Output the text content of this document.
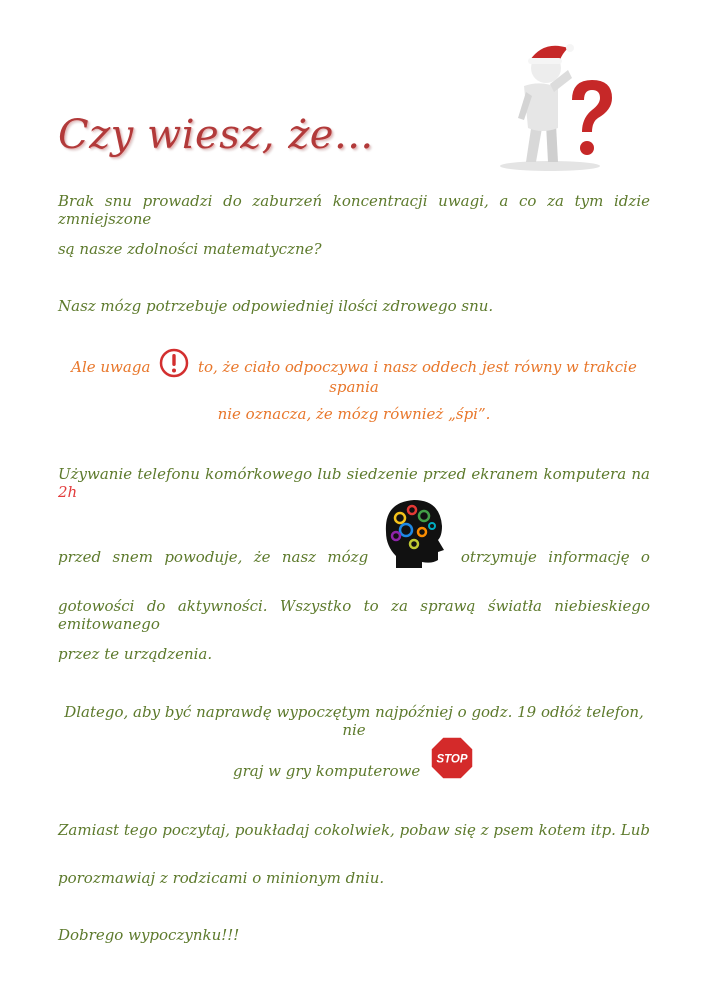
Czy wiesz, że...

Brak snu prowadzi do zaburzeń koncentracji uwagi, a co za tym idzie zmniejszone

są nasze zdolności matematyczne?

Nasz mózg potrzebuje odpowiedniej ilości zdrowego snu.

Ale uwaga	to, że ciało odpoczywa i nasz oddech jest równy w trakcie spania

nie oznacza, że mózg również „śpi”.

Używanie telefonu komórkowego lub siedzenie przed ekranem komputera na 2h

przed snem powoduje, że nasz mózg	otrzymuje informację o

gotowości do aktywności. Wszystko to za sprawą światła niebieskiego emitowanego

przez te urządzenia.

Dlatego, aby być naprawdę wypoczętym najpóźniej o godz. 19 odłóż telefon, nie

graj w gry komputerowe
STOP

Zamiast tego poczytaj, poukładaj cokolwiek, pobaw się z psem kotem itp. Lub

porozmawiaj z rodzicami o minionym dniu.

Dobrego wypoczynku!!!
